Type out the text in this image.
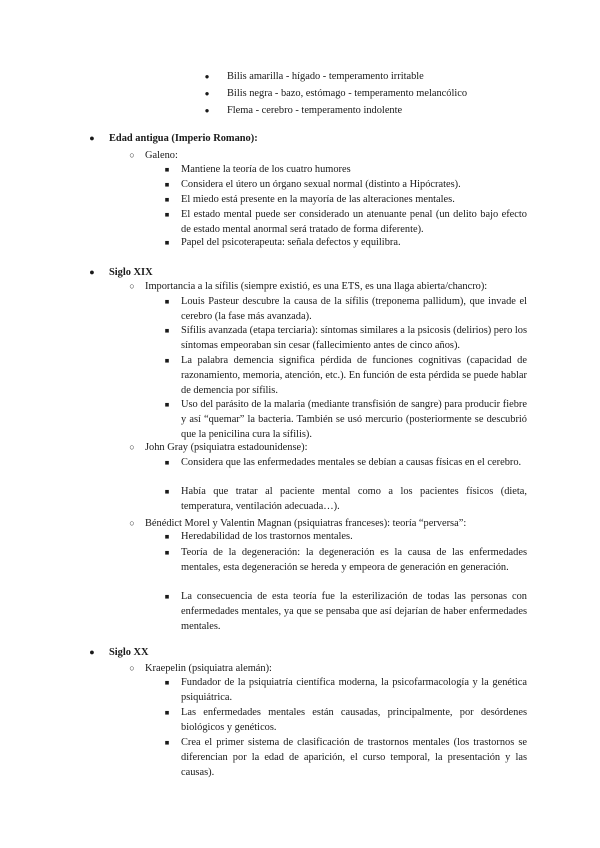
● Bilis amarilla - hígado - temperamento irritable
● Bilis negra - bazo, estómago - temperamento melancólico
● Flema - cerebro - temperamento indolente
● Edad antigua (Imperio Romano):
○ Galeno:
■ Mantiene la teoría de los cuatro humores
■ Considera el útero un órgano sexual normal (distinto a Hipócrates).
■ El miedo está presente en la mayoría de las alteraciones mentales.
■ El estado mental puede ser considerado un atenuante penal (un delito bajo efecto de estado mental anormal será tratado de forma diferente).
■ Papel del psicoterapeuta: señala defectos y equilibra.
● Siglo XIX
○ Importancia a la sífilis (siempre existió, es una ETS, es una llaga abierta/chancro):
■ Louis Pasteur descubre la causa de la sífilis (treponema pallidum), que invade el cerebro (la fase más avanzada).
■ Sífilis avanzada (etapa terciaria): síntomas similares a la psicosis (delirios) pero los síntomas empeoraban sin cesar (fallecimiento antes de cinco años).
■ La palabra demencia significa pérdida de funciones cognitivas (capacidad de razonamiento, memoria, atención, etc.). En función de esta pérdida se puede hablar de demencia por sífilis.
■ Uso del parásito de la malaria (mediante transfisión de sangre) para producir fiebre y así “quemar” la bacteria. También se usó mercurio (posteriormente se descubrió que la penicilina cura la sífilis).
○ John Gray (psiquiatra estadounidense):
■ Considera que las enfermedades mentales se debían a causas físicas en el cerebro.
■ Había que tratar al paciente mental como a los pacientes físicos (dieta, temperatura, ventilación adecuada…).
○ Bénédict Morel y Valentin Magnan (psiquiatras franceses): teoría “perversa”:
■ Heredabilidad de los trastornos mentales.
■ Teoría de la degeneración: la degeneración es la causa de las enfermedades mentales, esta degeneración se hereda y empeora de generación en generación.
■ La consecuencia de esta teoría fue la esterilización de todas las personas con enfermedades mentales, ya que se pensaba que así dejarían de haber enfermedades mentales.
● Siglo XX
○ Kraepelin (psiquiatra alemán):
■ Fundador de la psiquiatría científica moderna, la psicofarmacología y la genética psiquiátrica.
■ Las enfermedades mentales están causadas, principalmente, por desórdenes biológicos y genéticos.
■ Crea el primer sistema de clasificación de trastornos mentales (los trastornos se diferencian por la edad de aparición, el curso temporal, la presentación y las causas).
